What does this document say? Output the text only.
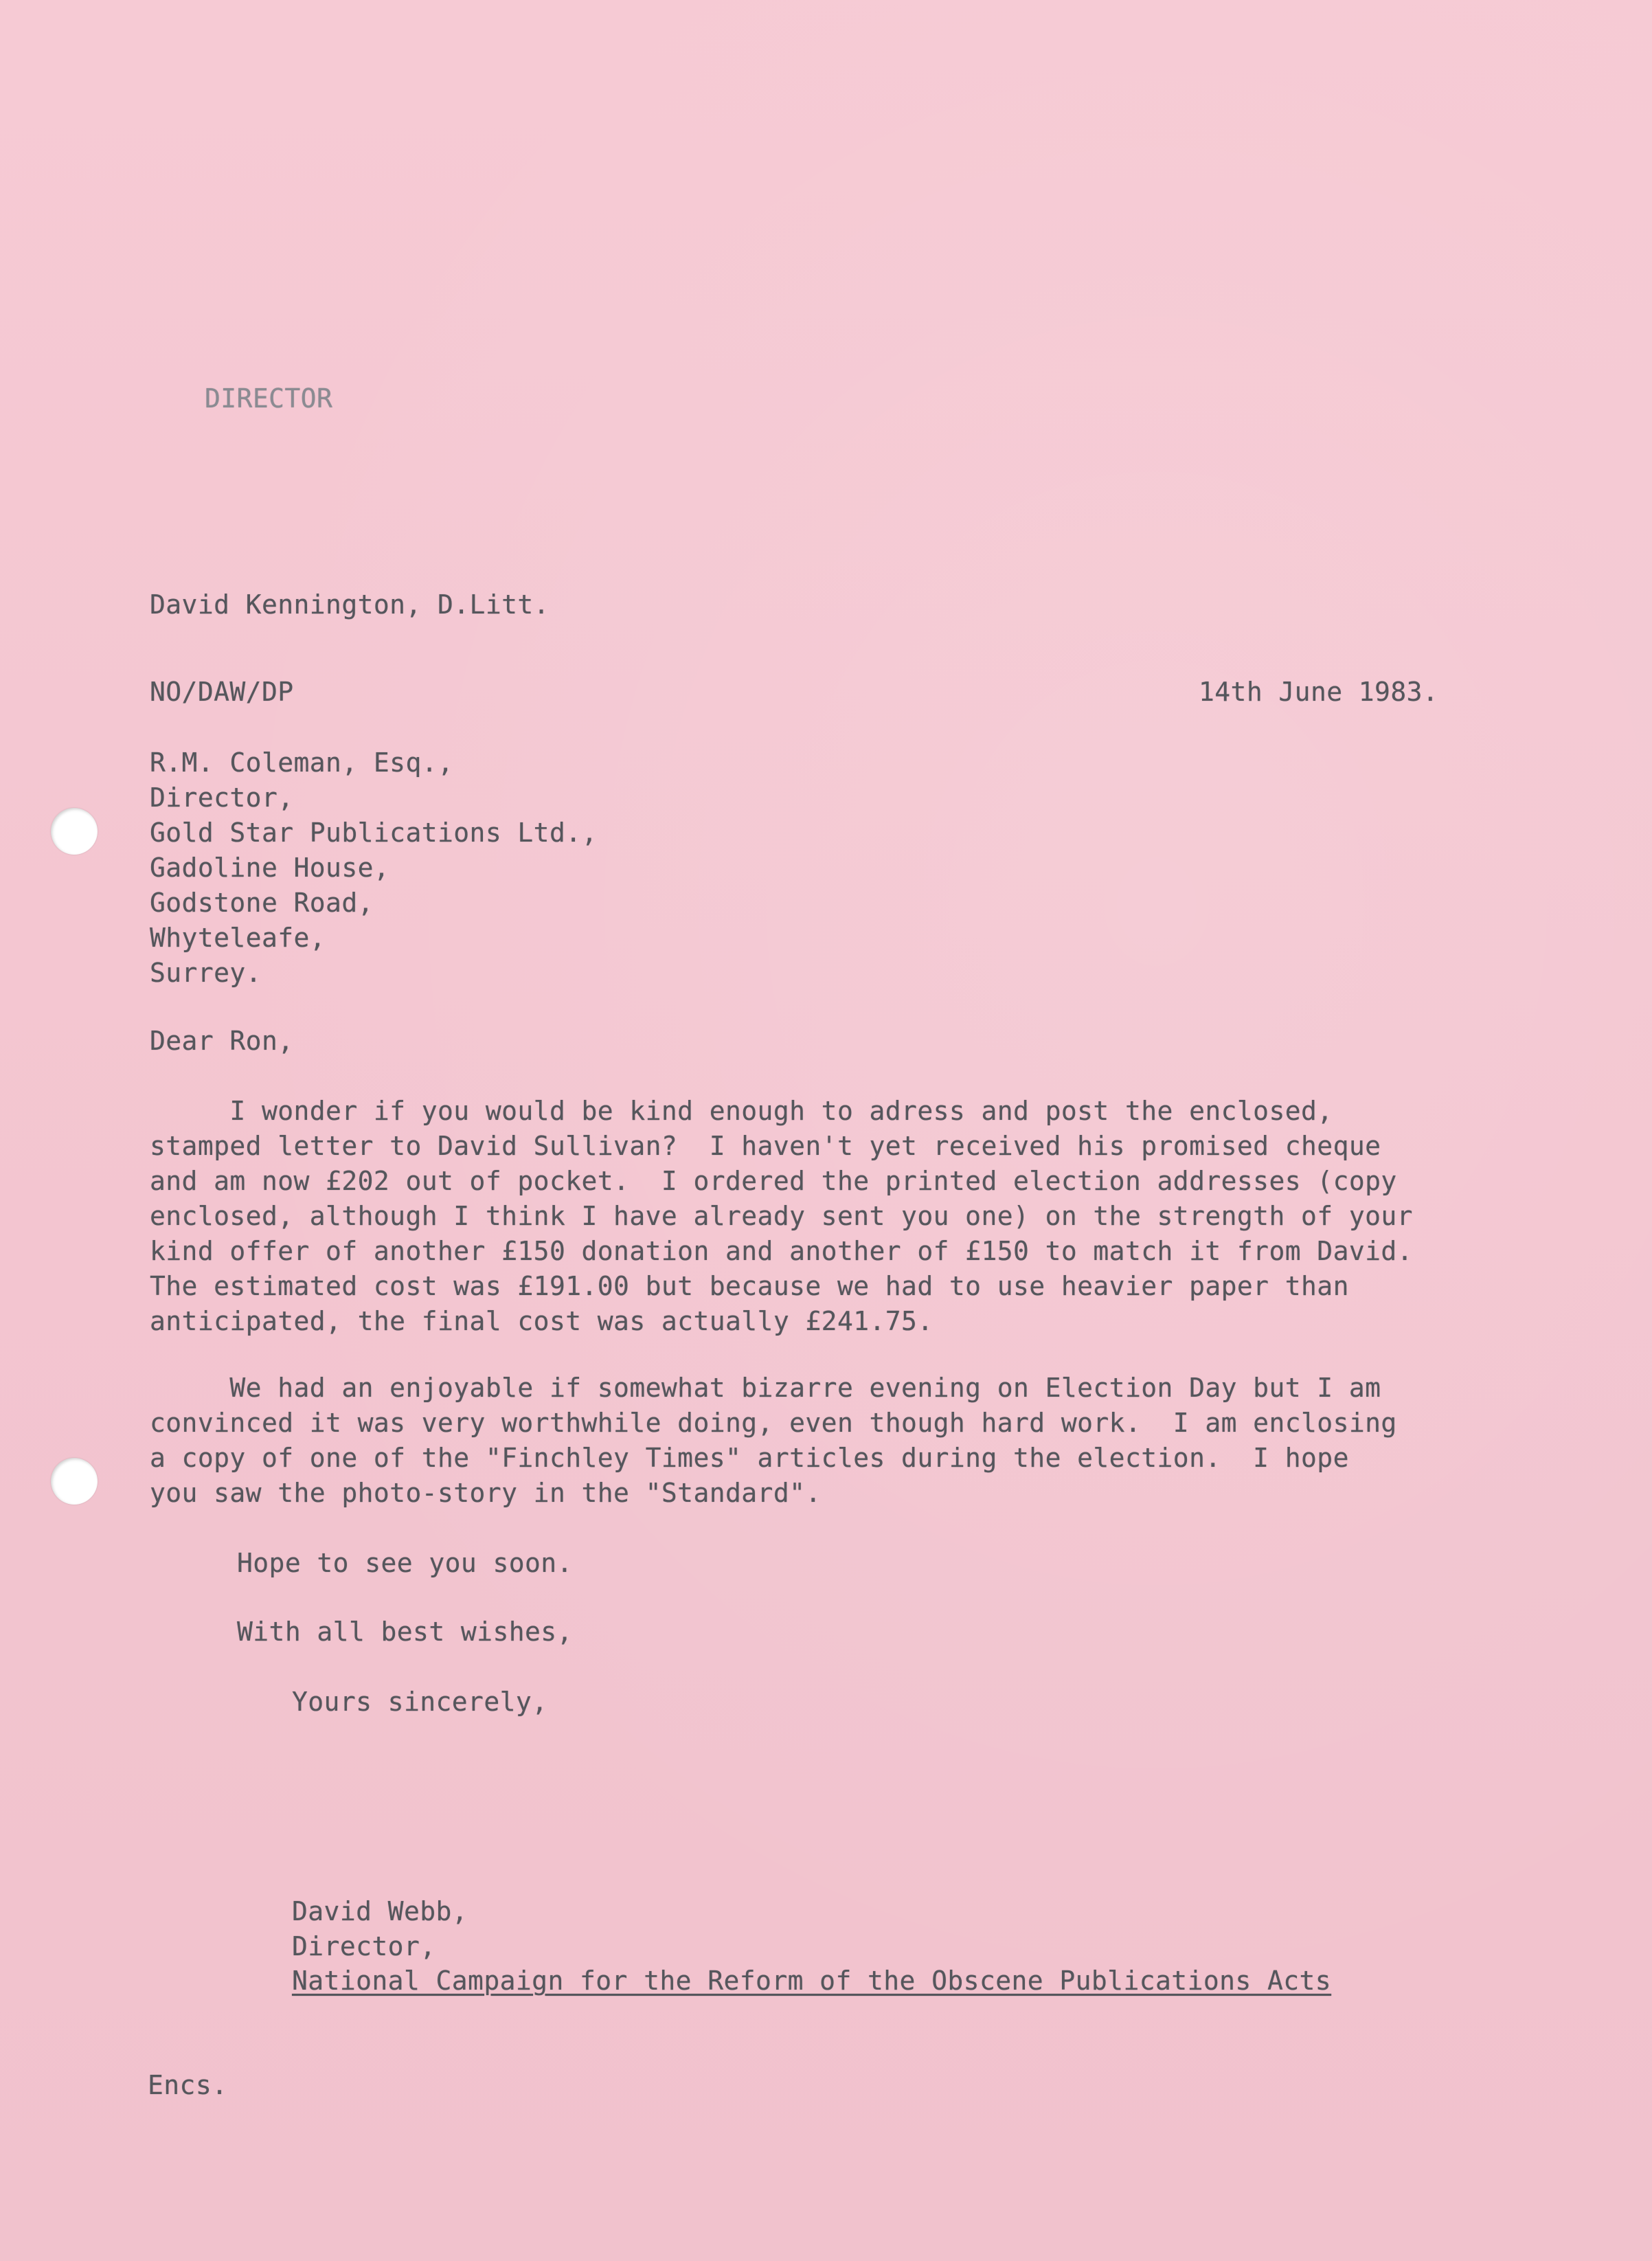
DIRECTOR
David Kennington, D.Litt.
NO/DAW/DP	14th June 1983.
R.M. Coleman, Esq.,
Director,
Gold Star Publications Ltd.,
Gadoline House,
Godstone Road,
Whyteleafe,
Surrey.
Dear Ron,
I wonder if you would be kind enough to adress and post the enclosed,
stamped letter to David Sullivan?  I haven't yet received his promised cheque
and am now £202 out of pocket.  I ordered the printed election addresses (copy
enclosed, although I think I have already sent you one) on the strength of your
kind offer of another £150 donation and another of £150 to match it from David.
The estimated cost was £191.00 but because we had to use heavier paper than
anticipated, the final cost was actually £241.75.
We had an enjoyable if somewhat bizarre evening on Election Day but I am
convinced it was very worthwhile doing, even though hard work.  I am enclosing
a copy of one of the "Finchley Times" articles during the election.  I hope
you saw the photo-story in the "Standard".
Hope to see you soon.
With all best wishes,
Yours sincerely,
David Webb,
Director,
National Campaign for the Reform of the Obscene Publications Acts
Encs.
